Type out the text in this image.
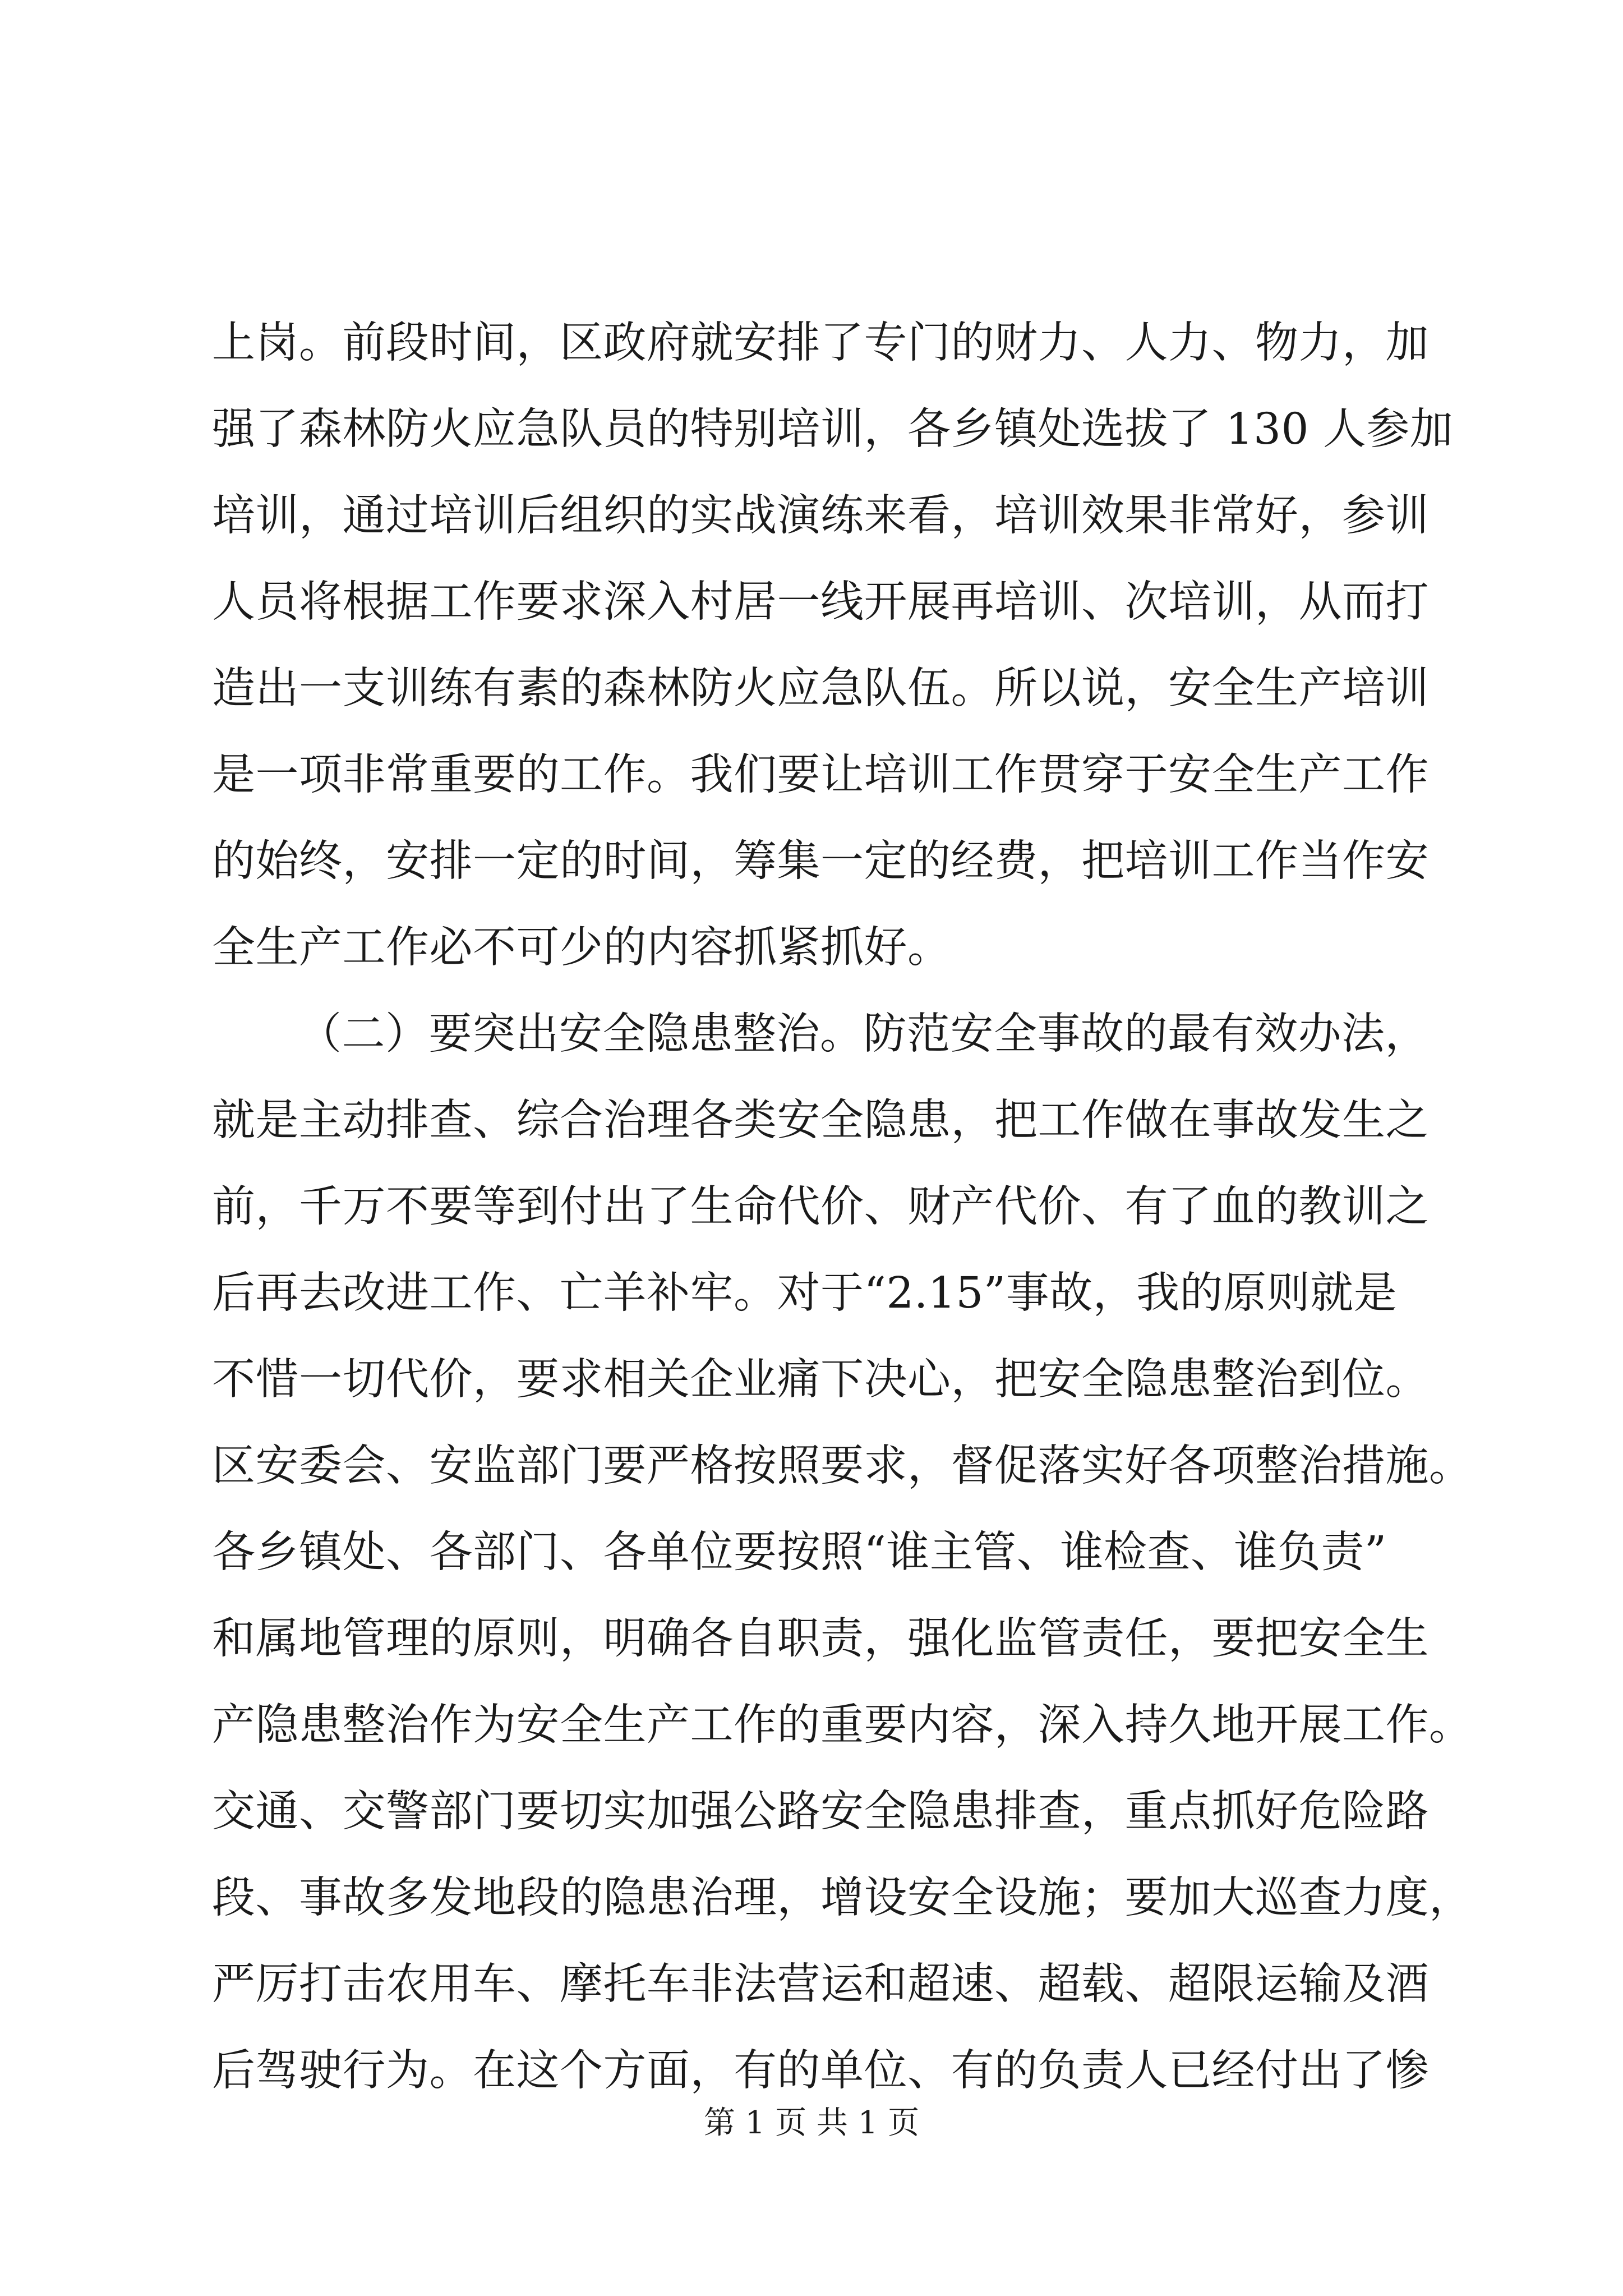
上岗。前段时间，区政府就安排了专门的财力、人力、物力，加
强了森林防火应急队员的特别培训，各乡镇处选拔了 130 人参加
培训，通过培训后组织的实战演练来看，培训效果非常好，参训
人员将根据工作要求深入村居一线开展再培训、次培训，从而打
造出一支训练有素的森林防火应急队伍。所以说，安全生产培训
是一项非常重要的工作。我们要让培训工作贯穿于安全生产工作
的始终，安排一定的时间，筹集一定的经费，把培训工作当作安
全生产工作必不可少的内容抓紧抓好。
（二）要突出安全隐患整治。防范安全事故的最有效办法，
就是主动排查、综合治理各类安全隐患，把工作做在事故发生之
前，千万不要等到付出了生命代价、财产代价、有了血的教训之
后再去改进工作、亡羊补牢。对于“2.15”事故，我的原则就是
不惜一切代价，要求相关企业痛下决心，把安全隐患整治到位。
区安委会、安监部门要严格按照要求，督促落实好各项整治措施。
各乡镇处、各部门、各单位要按照“谁主管、谁检查、谁负责”
和属地管理的原则，明确各自职责，强化监管责任，要把安全生
产隐患整治作为安全生产工作的重要内容，深入持久地开展工作。
交通、交警部门要切实加强公路安全隐患排查，重点抓好危险路
段、事故多发地段的隐患治理，增设安全设施；要加大巡查力度，
严厉打击农用车、摩托车非法营运和超速、超载、超限运输及酒
后驾驶行为。在这个方面，有的单位、有的负责人已经付出了惨
第 1 页 共 1 页
